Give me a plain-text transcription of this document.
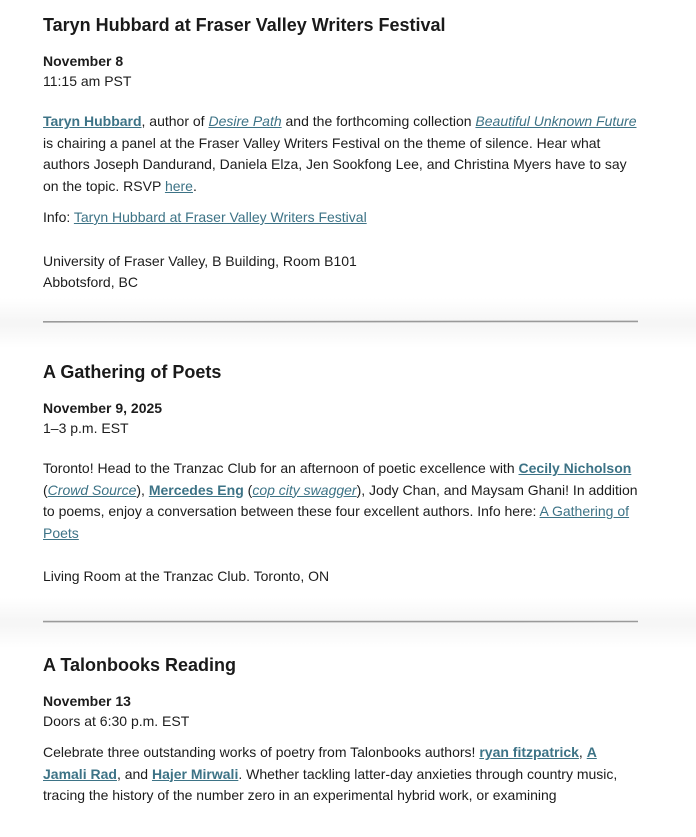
Taryn Hubbard at Fraser Valley Writers Festival
November 8
11:15 am PST

Taryn Hubbard, author of Desire Path and the forthcoming collection Beautiful Unknown Future is chairing a panel at the Fraser Valley Writers Festival on the theme of silence. Hear what authors Joseph Dandurand, Daniela Elza, Jen Sookfong Lee, and Christina Myers have to say on the topic. RSVP here.

Info: Taryn Hubbard at Fraser Valley Writers Festival

University of Fraser Valley, B Building, Room B101

Abbotsford, BC

A Gathering of Poets
November 9, 2025
1–3 p.m. EST

Toronto! Head to the Tranzac Club for an afternoon of poetic excellence with Cecily Nicholson (Crowd Source), Mercedes Eng (cop city swagger), Jody Chan, and Maysam Ghani! In addition to poems, enjoy a conversation between these four excellent authors. Info here: A Gathering of Poets

Living Room at the Tranzac Club. Toronto, ON

A Talonbooks Reading
November 13
Doors at 6:30 p.m. EST

Celebrate three outstanding works of poetry from Talonbooks authors! ryan fitzpatrick, A Jamali Rad, and Hajer Mirwali. Whether tackling latter-day anxieties through country music, tracing the history of the number zero in an experimental hybrid work, or examining
